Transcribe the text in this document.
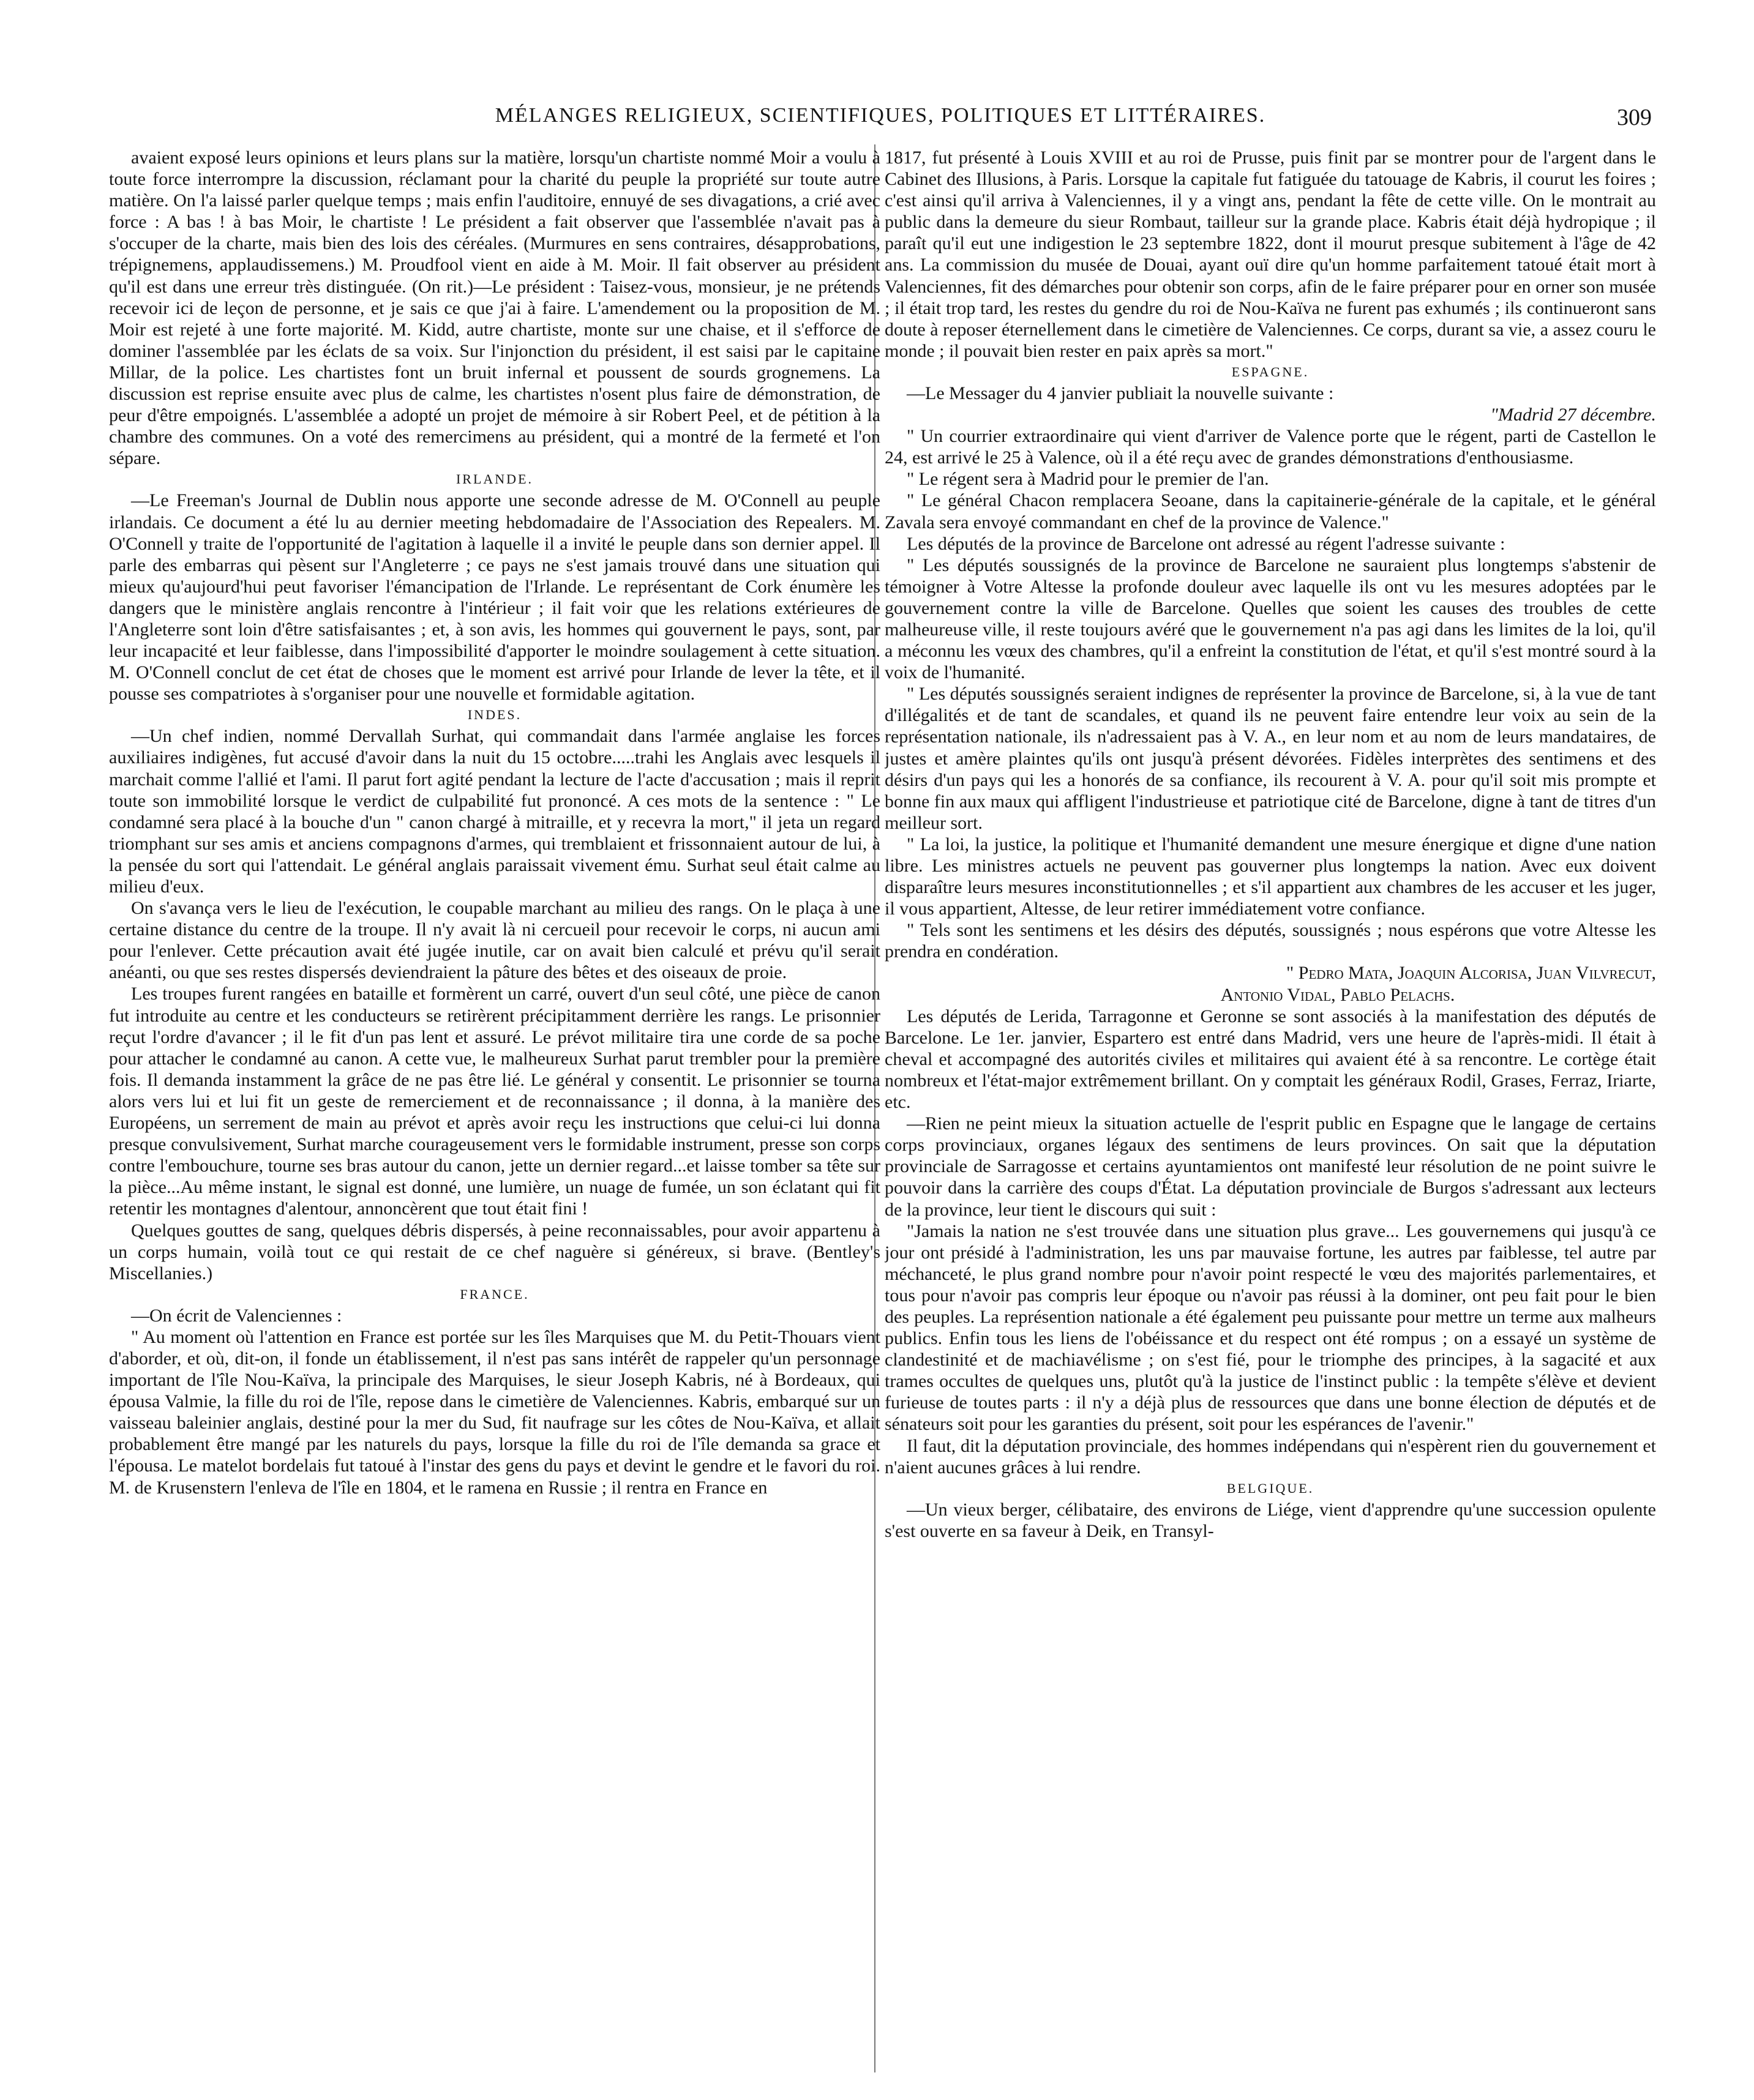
MÉLANGES RELIGIEUX, SCIENTIFIQUES, POLITIQUES ET LITTÉRAIRES.	309

avaient exposé leurs opinions et leurs plans sur la matière, lorsqu'un chartiste nommé Moir a voulu à toute force interrompre la discussion, réclamant pour la charité du peuple la propriété sur toute autre matière. On l'a laissé parler quelque temps ; mais enfin l'auditoire, ennuyé de ses divagations, a crié avec force : A bas ! à bas Moir, le chartiste ! Le président a fait observer que l'assemblée n'avait pas à s'occuper de la charte, mais bien des lois des céréales. (Murmures en sens contraires, désapprobations, trépignemens, applaudissemens.) M. Proudfool vient en aide à M. Moir. Il fait observer au président qu'il est dans une erreur très distinguée. (On rit.)—Le président : Taisez-vous, monsieur, je ne prétends recevoir ici de leçon de personne, et je sais ce que j'ai à faire. L'amendement ou la proposition de M. Moir est rejeté à une forte majorité. M. Kidd, autre chartiste, monte sur une chaise, et il s'efforce de dominer l'assemblée par les éclats de sa voix. Sur l'injonction du président, il est saisi par le capitaine Millar, de la police. Les chartistes font un bruit infernal et poussent de sourds grognemens. La discussion est reprise ensuite avec plus de calme, les chartistes n'osent plus faire de démonstration, de peur d'être empoignés. L'assemblée a adopté un projet de mémoire à sir Robert Peel, et de pétition à la chambre des communes. On a voté des remercimens au président, qui a montré de la fermeté et l'on sépare.

IRLANDE.

—Le Freeman's Journal de Dublin nous apporte une seconde adresse de M. O'Connell au peuple irlandais. Ce document a été lu au dernier meeting hebdomadaire de l'Association des Repealers. M. O'Connell y traite de l'opportunité de l'agitation à laquelle il a invité le peuple dans son dernier appel. Il parle des embarras qui pèsent sur l'Angleterre ; ce pays ne s'est jamais trouvé dans une situation qui mieux qu'aujourd'hui peut favoriser l'émancipation de l'Irlande. Le représentant de Cork énumère les dangers que le ministère anglais rencontre à l'intérieur ; il fait voir que les relations extérieures de l'Angleterre sont loin d'être satisfaisantes ; et, à son avis, les hommes qui gouvernent le pays, sont, par leur incapacité et leur faiblesse, dans l'impossibilité d'apporter le moindre soulagement à cette situation. M. O'Connell conclut de cet état de choses que le moment est arrivé pour Irlande de lever la tête, et il pousse ses compatriotes à s'organiser pour une nouvelle et formidable agitation.

INDES.

—Un chef indien, nommé Dervallah Surhat, qui commandait dans l'armée anglaise les forces auxiliaires indigènes, fut accusé d'avoir dans la nuit du 15 octobre.....trahi les Anglais avec lesquels il marchait comme l'allié et l'ami. Il parut fort agité pendant la lecture de l'acte d'accusation ; mais il reprit toute son immobilité lorsque le verdict de culpabilité fut prononcé. A ces mots de la sentence : " Le condamné sera placé à la bouche d'un " canon chargé à mitraille, et y recevra la mort," il jeta un regard triomphant sur ses amis et anciens compagnons d'armes, qui tremblaient et frissonnaient autour de lui, à la pensée du sort qui l'attendait. Le général anglais paraissait vivement ému. Surhat seul était calme au milieu d'eux.

On s'avança vers le lieu de l'exécution, le coupable marchant au milieu des rangs. On le plaça à une certaine distance du centre de la troupe. Il n'y avait là ni cercueil pour recevoir le corps, ni aucun ami pour l'enlever. Cette précaution avait été jugée inutile, car on avait bien calculé et prévu qu'il serait anéanti, ou que ses restes dispersés deviendraient la pâture des bêtes et des oiseaux de proie.

Les troupes furent rangées en bataille et formèrent un carré, ouvert d'un seul côté, une pièce de canon fut introduite au centre et les conducteurs se retirèrent précipitamment derrière les rangs. Le prisonnier reçut l'ordre d'avancer ; il le fit d'un pas lent et assuré. Le prévot militaire tira une corde de sa poche pour attacher le condamné au canon. A cette vue, le malheureux Surhat parut trembler pour la première fois. Il demanda instamment la grâce de ne pas être lié. Le général y consentit. Le prisonnier se tourna alors vers lui et lui fit un geste de remerciement et de reconnaissance ; il donna, à la manière des Européens, un serrement de main au prévot et après avoir reçu les instructions que celui-ci lui donna presque convulsivement, Surhat marche courageusement vers le formidable instrument, presse son corps contre l'embouchure, tourne ses bras autour du canon, jette un dernier regard...et laisse tomber sa tête sur la pièce...Au même instant, le signal est donné, une lumière, un nuage de fumée, un son éclatant qui fit retentir les montagnes d'alentour, annoncèrent que tout était fini !

Quelques gouttes de sang, quelques débris dispersés, à peine reconnaissables, pour avoir appartenu à un corps humain, voilà tout ce qui restait de ce chef naguère si généreux, si brave. (Bentley's Miscellanies.)

FRANCE.

—On écrit de Valenciennes :

" Au moment où l'attention en France est portée sur les îles Marquises que M. du Petit-Thouars vient d'aborder, et où, dit-on, il fonde un établissement, il n'est pas sans intérêt de rappeler qu'un personnage important de l'île Nou-Kaïva, la principale des Marquises, le sieur Joseph Kabris, né à Bordeaux, qui épousa Valmie, la fille du roi de l'île, repose dans le cimetière de Valenciennes. Kabris, embarqué sur un vaisseau baleinier anglais, destiné pour la mer du Sud, fit naufrage sur les côtes de Nou-Kaïva, et allait probablement être mangé par les naturels du pays, lorsque la fille du roi de l'île demanda sa grace et l'épousa. Le matelot bordelais fut tatoué à l'instar des gens du pays et devint le gendre et le favori du roi. M. de Krusenstern l'enleva de l'île en 1804, et le ramena en Russie ; il rentra en France en

1817, fut présenté à Louis XVIII et au roi de Prusse, puis finit par se montrer pour de l'argent dans le Cabinet des Illusions, à Paris. Lorsque la capitale fut fatiguée du tatouage de Kabris, il courut les foires ; c'est ainsi qu'il arriva à Valenciennes, il y a vingt ans, pendant la fête de cette ville. On le montrait au public dans la demeure du sieur Rombaut, tailleur sur la grande place. Kabris était déjà hydropique ; il paraît qu'il eut une indigestion le 23 septembre 1822, dont il mourut presque subitement à l'âge de 42 ans. La commission du musée de Douai, ayant ouï dire qu'un homme parfaitement tatoué était mort à Valenciennes, fit des démarches pour obtenir son corps, afin de le faire préparer pour en orner son musée ; il était trop tard, les restes du gendre du roi de Nou-Kaïva ne furent pas exhumés ; ils continueront sans doute à reposer éternellement dans le cimetière de Valenciennes. Ce corps, durant sa vie, a assez couru le monde ; il pouvait bien rester en paix après sa mort."

ESPAGNE.

—Le Messager du 4 janvier publiait la nouvelle suivante :

"Madrid 27 décembre.

" Un courrier extraordinaire qui vient d'arriver de Valence porte que le régent, parti de Castellon le 24, est arrivé le 25 à Valence, où il a été reçu avec de grandes démonstrations d'enthousiasme.

" Le régent sera à Madrid pour le premier de l'an.

" Le général Chacon remplacera Seoane, dans la capitainerie-générale de la capitale, et le général Zavala sera envoyé commandant en chef de la province de Valence."

Les députés de la province de Barcelone ont adressé au régent l'adresse suivante :

" Les députés soussignés de la province de Barcelone ne sauraient plus longtemps s'abstenir de témoigner à Votre Altesse la profonde douleur avec laquelle ils ont vu les mesures adoptées par le gouvernement contre la ville de Barcelone. Quelles que soient les causes des troubles de cette malheureuse ville, il reste toujours avéré que le gouvernement n'a pas agi dans les limites de la loi, qu'il a méconnu les vœux des chambres, qu'il a enfreint la constitution de l'état, et qu'il s'est montré sourd à la voix de l'humanité.

" Les députés soussignés seraient indignes de représenter la province de Barcelone, si, à la vue de tant d'illégalités et de tant de scandales, et quand ils ne peuvent faire entendre leur voix au sein de la représentation nationale, ils n'adressaient pas à V. A., en leur nom et au nom de leurs mandataires, de justes et amère plaintes qu'ils ont jusqu'à présent dévorées. Fidèles interprètes des sentimens et des désirs d'un pays qui les a honorés de sa confiance, ils recourent à V. A. pour qu'il soit mis prompte et bonne fin aux maux qui affligent l'industrieuse et patriotique cité de Barcelone, digne à tant de titres d'un meilleur sort.

" La loi, la justice, la politique et l'humanité demandent une mesure énergique et digne d'une nation libre. Les ministres actuels ne peuvent pas gouverner plus longtemps la nation. Avec eux doivent disparaître leurs mesures inconstitutionnelles ; et s'il appartient aux chambres de les accuser et les juger, il vous appartient, Altesse, de leur retirer immédiatement votre confiance.

" Tels sont les sentimens et les désirs des députés, soussignés ; nous espérons que votre Altesse les prendra en condération.

" Pedro Mata, Joaquin Alcorisa, Juan Vilvrecut,

Antonio Vidal, Pablo Pelachs.

Les députés de Lerida, Tarragonne et Geronne se sont associés à la manifestation des députés de Barcelone. Le 1er. janvier, Espartero est entré dans Madrid, vers une heure de l'après-midi. Il était à cheval et accompagné des autorités civiles et militaires qui avaient été à sa rencontre. Le cortège était nombreux et l'état-major extrêmement brillant. On y comptait les généraux Rodil, Grases, Ferraz, Iriarte, etc.

—Rien ne peint mieux la situation actuelle de l'esprit public en Espagne que le langage de certains corps provinciaux, organes légaux des sentimens de leurs provinces. On sait que la députation provinciale de Sarragosse et certains ayuntamientos ont manifesté leur résolution de ne point suivre le pouvoir dans la carrière des coups d'État. La députation provinciale de Burgos s'adressant aux lecteurs de la province, leur tient le discours qui suit :

"Jamais la nation ne s'est trouvée dans une situation plus grave... Les gouvernemens qui jusqu'à ce jour ont présidé à l'administration, les uns par mauvaise fortune, les autres par faiblesse, tel autre par méchanceté, le plus grand nombre pour n'avoir point respecté le vœu des majorités parlementaires, et tous pour n'avoir pas compris leur époque ou n'avoir pas réussi à la dominer, ont peu fait pour le bien des peuples. La représention nationale a été également peu puissante pour mettre un terme aux malheurs publics. Enfin tous les liens de l'obéissance et du respect ont été rompus ; on a essayé un système de clandestinité et de machiavélisme ; on s'est fié, pour le triomphe des principes, à la sagacité et aux trames occultes de quelques uns, plutôt qu'à la justice de l'instinct public : la tempête s'élève et devient furieuse de toutes parts : il n'y a déjà plus de ressources que dans une bonne élection de députés et de sénateurs soit pour les garanties du présent, soit pour les espérances de l'avenir."

Il faut, dit la députation provinciale, des hommes indépendans qui n'espèrent rien du gouvernement et n'aient aucunes grâces à lui rendre.

BELGIQUE.

—Un vieux berger, célibataire, des environs de Liége, vient d'apprendre qu'une succession opulente s'est ouverte en sa faveur à Deik, en Transyl-
